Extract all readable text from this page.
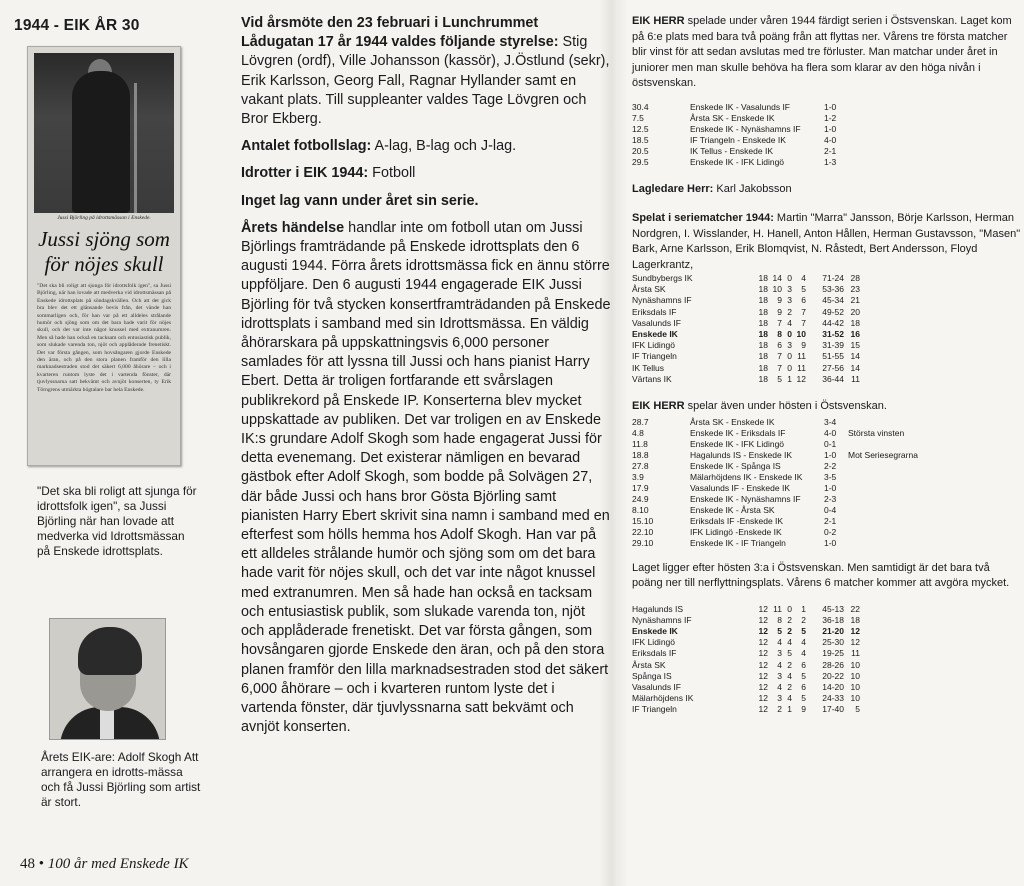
1944 - EIK ÅR 30
Jussi Björling på idrottsmässan i Enskede.
Jussi sjöng som
för nöjes skull
"Det ska bli roligt att sjunga för idrottsfolk igen", sa Jussi Björling, när han lovade att medverka vid idrottsmässan på Enskede idrottsplats på söndagskvällen. Och att det gick bra blev det ett glänsande bevis från, det vände han sommarligen och, för han var på ett alldeles strålande humör och sjöng som om det bara hade varit för nöjes skull, och det var inte något knussel med extranumren. Men så hade han också en tacksam och entusiastisk publik, som slukade varenda ton, njöt och applåderade frenetiskt. Det var första gången, som hovsångaren gjorde Enskede den äran, och på den stora planen framför den lilla marknadsestraden stod det säkert 6,000 åhörare – och i kvarteren runtom lyste det i vartenda fönster, där tjuvlyssnarna satt bekvämt och avnjöt konserten, ty Erik Törngrens utmärkta högtalare bar hela Enskede.
"Det ska bli roligt att sjunga för idrottsfolk igen", sa Jussi Björling när han lovade att medverka vid Idrottsmässan på Enskede idrottsplats.
Årets EIK-are: Adolf Skogh Att arrangera en idrotts-mässa och få Jussi Björling som artist är stort.
48 • 100 år med Enskede IK

Vid årsmöte den 23 februari i Lunchrummet Lådugatan 17 år 1944 valdes följande styrelse: Stig Lövgren (ordf), Ville Johansson (kassör), J.Östlund (sekr), Erik Karlsson, Georg Fall, Ragnar Hyllander samt en vakant plats. Till suppleanter valdes Tage Lövgren och Bror Ekberg.

Antalet fotbollslag: A-lag, B-lag och J-lag.

Idrotter i EIK 1944: Fotboll

Inget lag vann under året sin serie.

Årets händelse handlar inte om fotboll utan om Jussi Björlings framträdande på Enskede idrottsplats den 6 augusti 1944. Förra årets idrottsmässa fick en ännu större uppföljare. Den 6 augusti 1944 engagerade EIK Jussi Björling för två stycken konsertframträdanden på Enskede idrottsplats i samband med sin Idrottsmässa. En väldig åhörarskara på uppskattningsvis 6,000 personer samlades för att lyssna till Jussi och hans pianist Harry Ebert. Detta är troligen fortfarande ett svårslagen publikrekord på Enskede IP. Konserterna blev mycket uppskattade av publiken. Det var troligen en av Enskede IK:s grundare Adolf Skogh som hade engagerat Jussi för detta evenemang. Det existerar nämligen en bevarad gästbok efter Adolf Skogh, som bodde på Solvägen 27, där både Jussi och hans bror Gösta Björling samt pianisten Harry Ebert skrivit sina namn i samband med en efterfest som hölls hemma hos Adolf Skogh. Han var på ett alldeles strålande humör och sjöng som om det bara hade varit för nöjes skull, och det var inte något knussel med extranumren. Men så hade han också en tacksam och entusiastisk publik, som slukade varenda ton, njöt och applåderade frenetiskt. Det var första gången, som hovsångaren gjorde Enskede den äran, och på den stora planen framför den lilla marknadsestraden stod det säkert 6,000 åhörare – och i kvarteren runtom lyste det i vartenda fönster, där tjuvlyssnarna satt bekvämt och avnjöt konserten.

EIK HERR spelade under våren 1944 färdigt serien i Östsvenskan. Laget kom på 6:e plats med bara två poäng från att flyttas ner. Vårens tre första matcher blir vinst för att sedan avslutas med tre förluster. Man matchar under året in juniorer men man skulle behöva ha flera som klarar av den höga nivån i östsvenskan.

30.4	Enskede IK - Vasalunds IF	1-0
7.5	Årsta SK - Enskede IK	1-2
12.5	Enskede IK - Nynäshamns IF	1-0
18.5	IF Triangeln - Enskede IK	4-0
20.5	IK Tellus - Enskede IK	2-1
29.5	Enskede IK - IFK Lidingö	1-3

Lagledare Herr: Karl Jakobsson

Spelat i seriematcher 1944: Martin "Marra" Jansson, Börje Karlsson, Herman Nordgren, I. Wisslander, H. Hanell, Anton Hållen, Herman Gustavsson, "Masen" Bark, Arne Karlsson, Erik Blomqvist, N. Råstedt, Bert Andersson, Floyd Lagerkrantz,

Sundbybergs IK	18	14	0	4	71-24	28
Årsta SK	18	10	3	5	53-36	23
Nynäshamns IF	18	9	3	6	45-34	21
Eriksdals IF	18	9	2	7	49-52	20
Vasalunds IF	18	7	4	7	44-42	18
Enskede IK	18	8	0	10	31-52	16
IFK Lidingö	18	6	3	9	31-39	15
IF Triangeln	18	7	0	11	51-55	14
IK Tellus	18	7	0	11	27-56	14
Värtans IK	18	5	1	12	36-44	11

EIK HERR spelar även under hösten i Östsvenskan.

28.7	Årsta SK - Enskede IK	3-4	
4.8	Enskede IK - Eriksdals IF	4-0	Största vinsten
11.8	Enskede IK - IFK Lidingö	0-1	
18.8	Hagalunds IS - Enskede IK	1-0	Mot Seriesegrarna
27.8	Enskede IK - Spånga IS	2-2	
3.9	Mälarhöjdens IK - Enskede IK	3-5	
17.9	Vasalunds IF - Enskede IK	1-0	
24.9	Enskede IK - Nynäshamns IF	2-3	
8.10	Enskede IK - Årsta SK	0-4	
15.10	Eriksdals IF -Enskede IK	2-1	
22.10	IFK Lidingö -Enskede IK	0-2	
29.10	Enskede IK - IF Triangeln	1-0	

Laget ligger efter hösten 3:a i Östsvenskan. Men samtidigt är det bara två poäng ner till nerflyttningsplats. Vårens 6 matcher kommer att avgöra mycket.

Hagalunds IS	12	11	0	1	45-13	22
Nynäshamns IF	12	8	2	2	36-18	18
Enskede IK	12	5	2	5	21-20	12
IFK Lidingö	12	4	4	4	25-30	12
Eriksdals IF	12	3	5	4	19-25	11
Årsta SK	12	4	2	6	28-26	10
Spånga IS	12	3	4	5	20-22	10
Vasalunds IF	12	4	2	6	14-20	10
Mälarhöjdens IK	12	3	4	5	24-33	10
IF Triangeln	12	2	1	9	17-40	5
